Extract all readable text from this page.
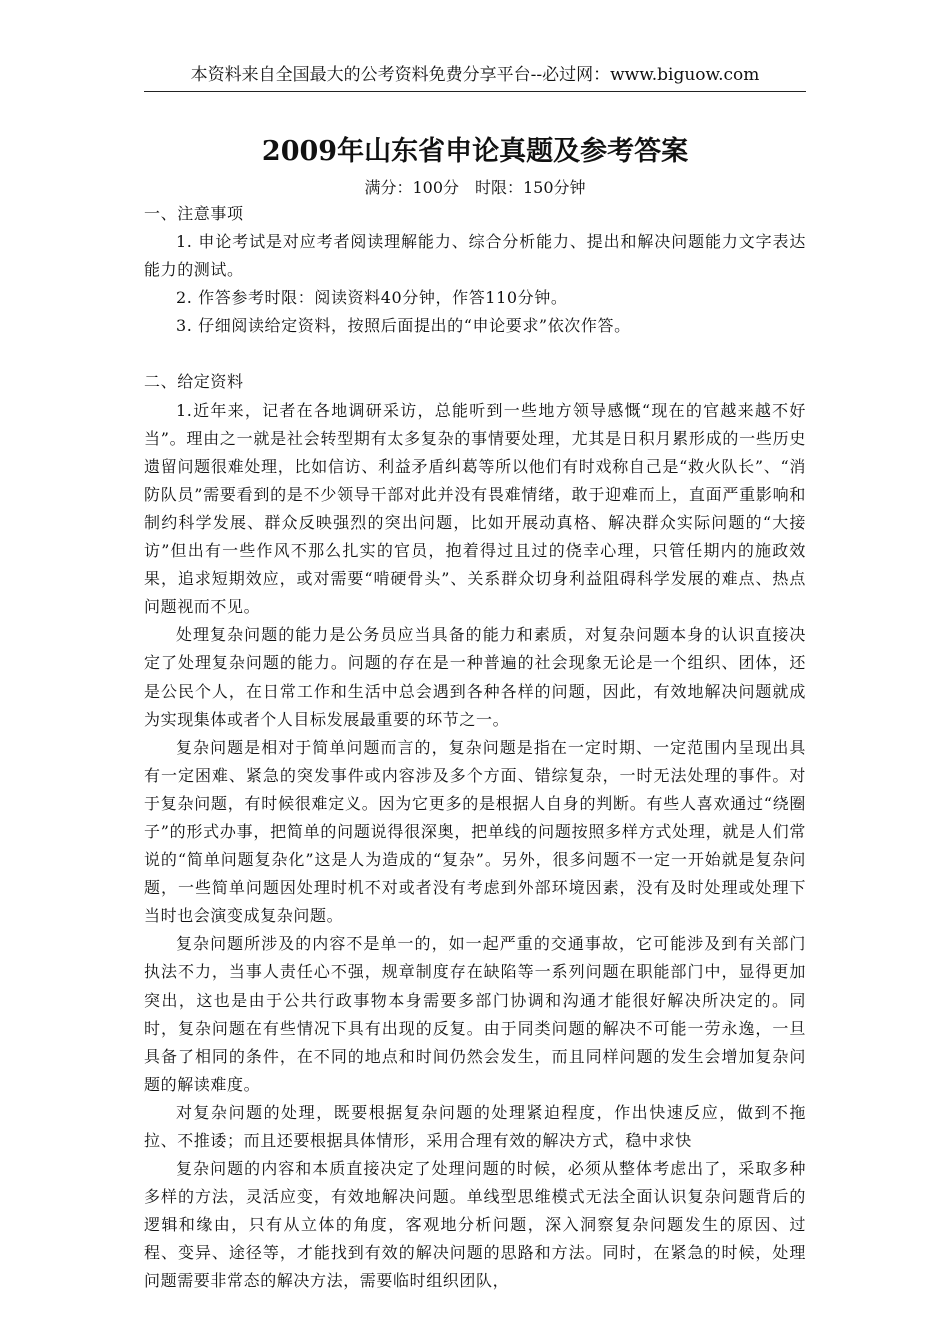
本资料来自全国最大的公考资料免费分享平台--必过网：www.biguow.com
2009年山东省申论真题及参考答案
满分：100分　时限：150分钟

一、注意事项

1. 申论考试是对应考者阅读理解能力、综合分析能力、提出和解决问题能力文字表达能力的测试。

2. 作答参考时限：阅读资料40分钟，作答110分钟。

3. 仔细阅读给定资料，按照后面提出的“申论要求”依次作答。

二、给定资料

1.近年来，记者在各地调研采访，总能听到一些地方领导感慨“现在的官越来越不好当”。理由之一就是社会转型期有太多复杂的事情要处理，尤其是日积月累形成的一些历史遗留问题很难处理，比如信访、利益矛盾纠葛等所以他们有时戏称自己是“救火队长”、“消防队员”需要看到的是不少领导干部对此并没有畏难情绪，敢于迎难而上，直面严重影响和制约科学发展、群众反映强烈的突出问题，比如开展动真格、解决群众实际问题的“大接访”但出有一些作风不那么扎实的官员，抱着得过且过的侥幸心理，只管任期内的施政效果，追求短期效应，或对需要“啃硬骨头”、关系群众切身利益阻碍科学发展的难点、热点问题视而不见。

处理复杂问题的能力是公务员应当具备的能力和素质，对复杂问题本身的认识直接决定了处理复杂问题的能力。问题的存在是一种普遍的社会现象无论是一个组织、团体，还是公民个人，在日常工作和生活中总会遇到各种各样的问题，因此，有效地解决问题就成为实现集体或者个人目标发展最重要的环节之一。

复杂问题是相对于简单问题而言的，复杂问题是指在一定时期、一定范围内呈现出具有一定困难、紧急的突发事件或内容涉及多个方面、错综复杂，一时无法处理的事件。对于复杂问题，有时候很难定义。因为它更多的是根据人自身的判断。有些人喜欢通过“绕圈子”的形式办事，把简单的问题说得很深奥，把单线的问题按照多样方式处理，就是人们常说的“简单问题复杂化”这是人为造成的“复杂”。另外，很多问题不一定一开始就是复杂问题，一些简单问题因处理时机不对或者没有考虑到外部环境因素，没有及时处理或处理下当时也会演变成复杂问题。

复杂问题所涉及的内容不是单一的，如一起严重的交通事故，它可能涉及到有关部门执法不力，当事人责任心不强，规章制度存在缺陷等一系列问题在职能部门中，显得更加突出，这也是由于公共行政事物本身需要多部门协调和沟通才能很好解决所决定的。同时，复杂问题在有些情况下具有出现的反复。由于同类问题的解决不可能一劳永逸，一旦具备了相同的条件，在不同的地点和时间仍然会发生，而且同样问题的发生会增加复杂问题的解读难度。

对复杂问题的处理，既要根据复杂问题的处理紧迫程度，作出快速反应，做到不拖拉、不推诿；而且还要根据具体情形，采用合理有效的解决方式，稳中求快

复杂问题的内容和本质直接决定了处理问题的时候，必须从整体考虑出了，采取多种多样的方法，灵活应变，有效地解决问题。单线型思维模式无法全面认识复杂问题背后的逻辑和缘由，只有从立体的角度，客观地分析问题，深入洞察复杂问题发生的原因、过程、变异、途径等，才能找到有效的解决问题的思路和方法。同时，在紧急的时候，处理问题需要非常态的解决方法，需要临时组织团队，
